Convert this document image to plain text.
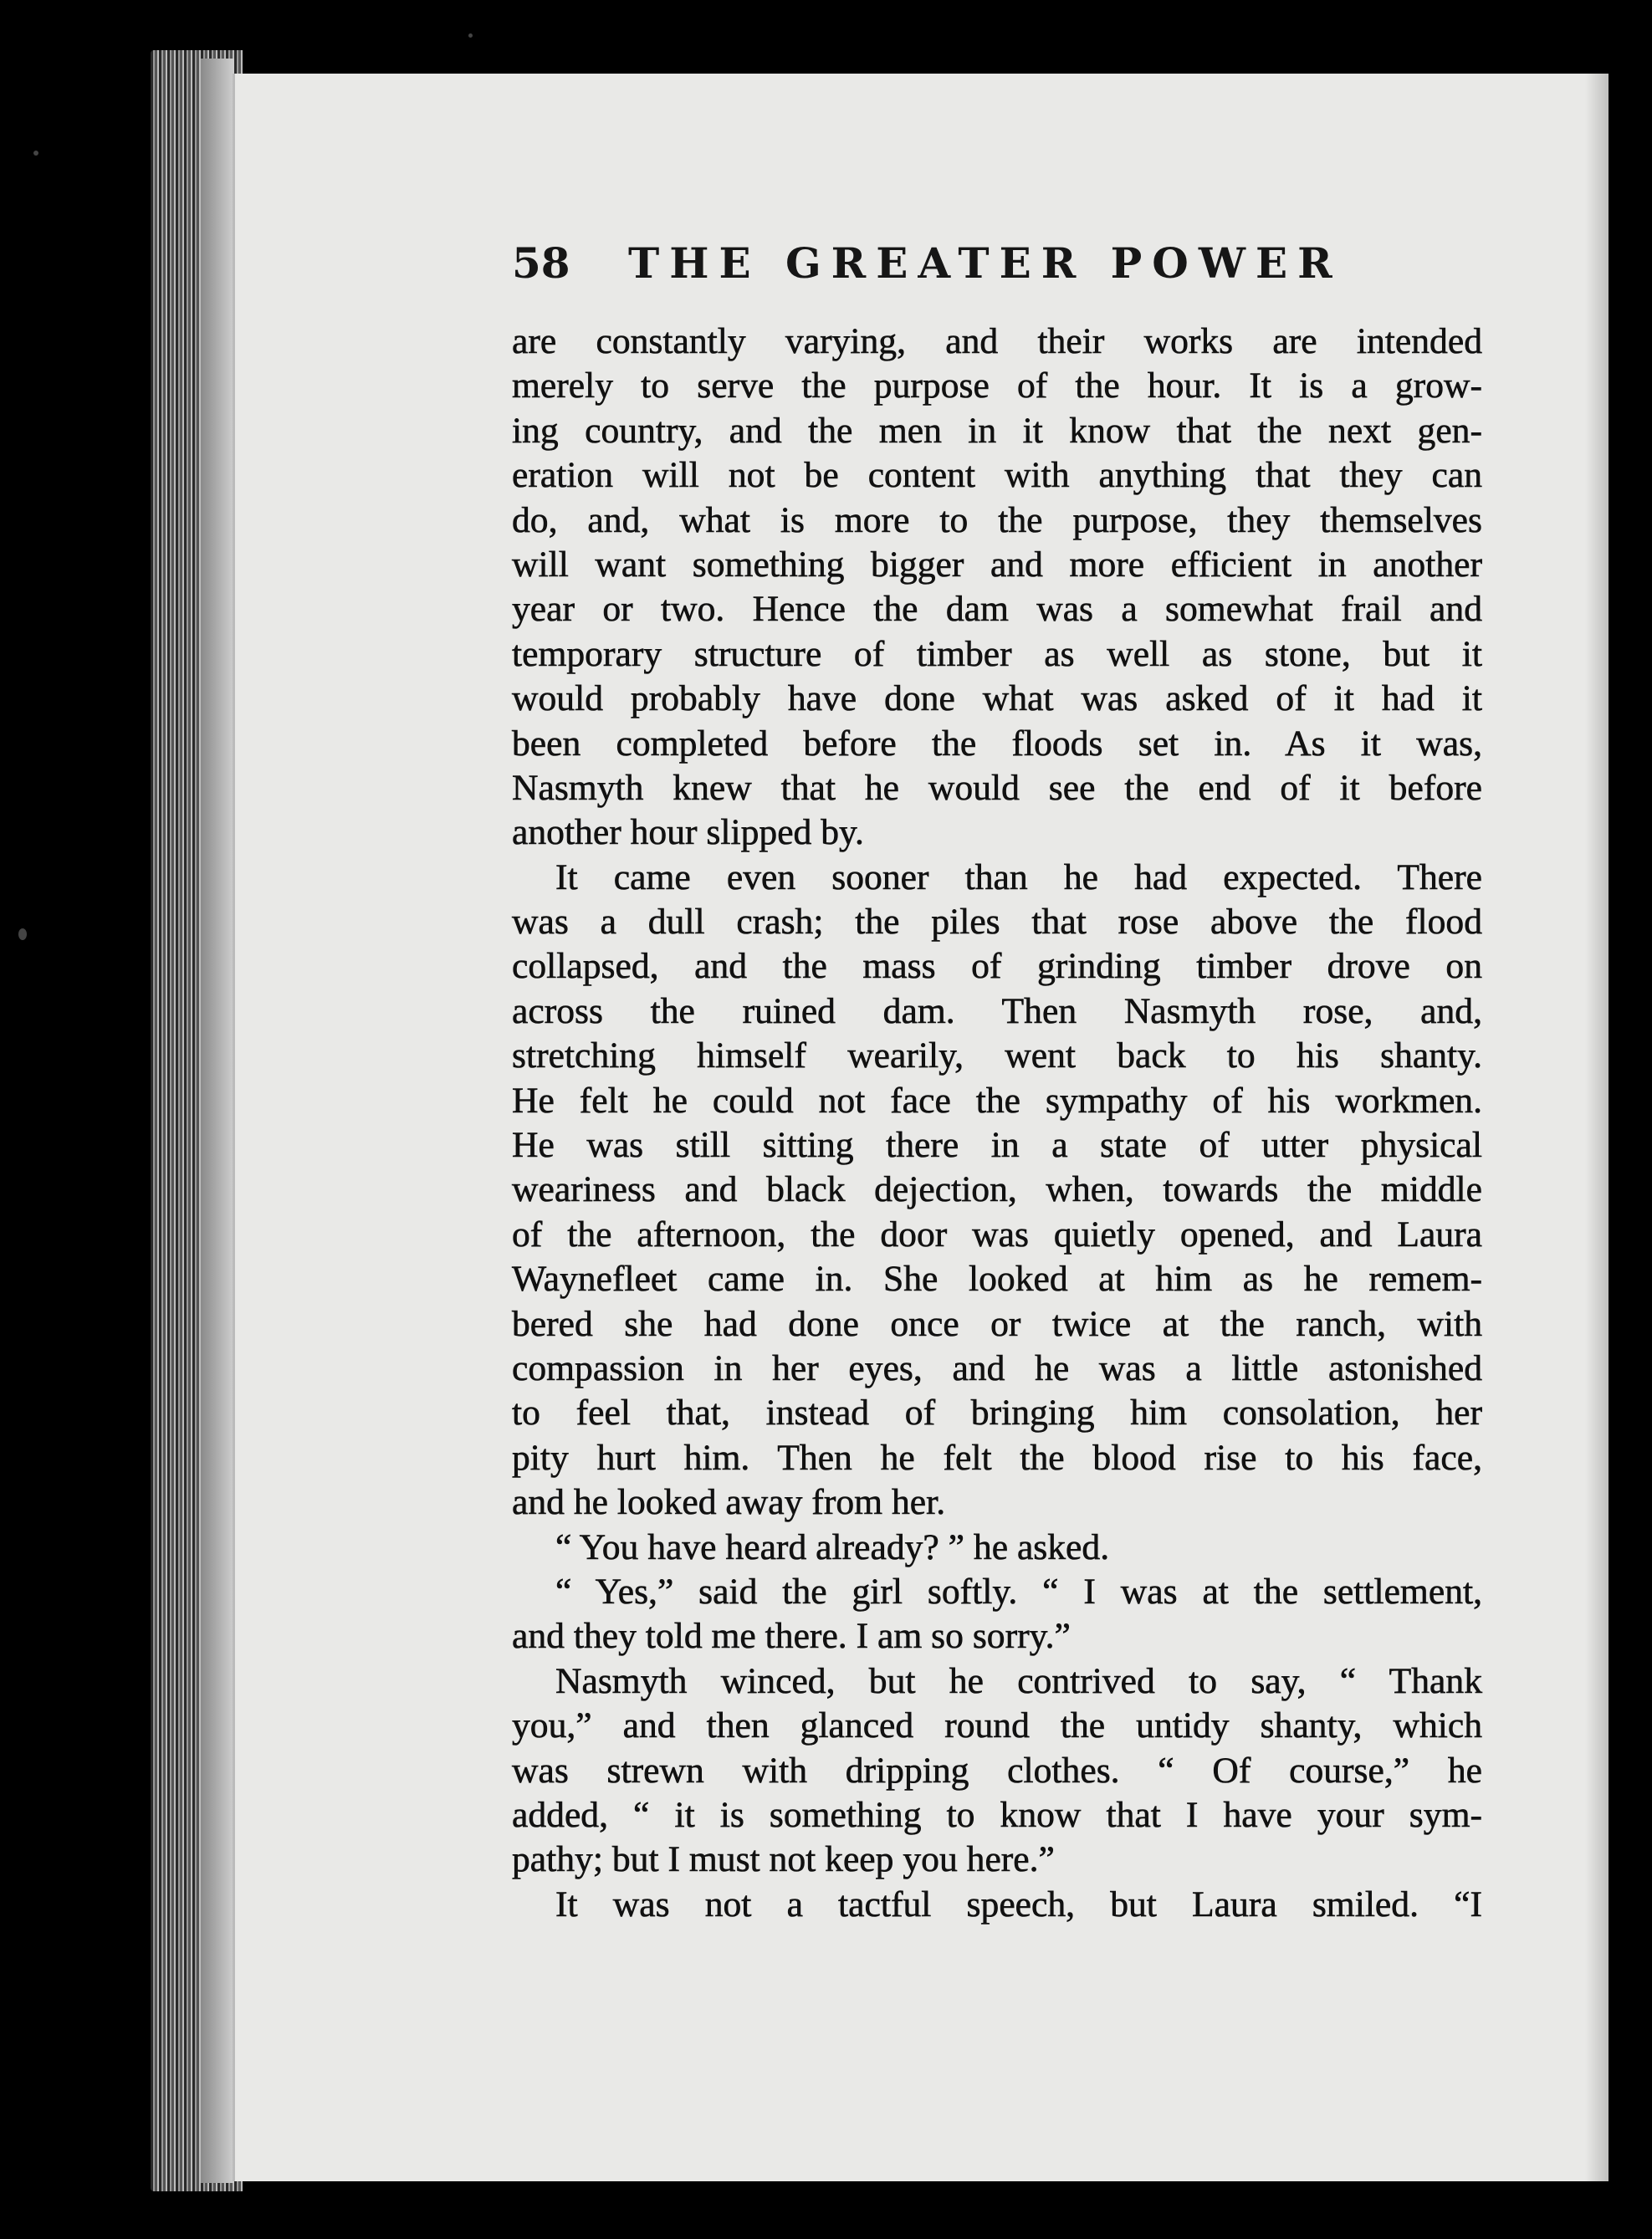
58 THE GREATER POWER
are constantly varying, and their works are intended
merely to serve the purpose of the hour. It is a grow-
ing country, and the men in it know that the next gen-
eration will not be content with anything that they can
do, and, what is more to the purpose, they themselves
will want something bigger and more efficient in another
year or two. Hence the dam was a somewhat frail and
temporary structure of timber as well as stone, but it
would probably have done what was asked of it had it
been completed before the floods set in. As it was,
Nasmyth knew that he would see the end of it before
another hour slipped by.
It came even sooner than he had expected. There
was a dull crash; the piles that rose above the flood
collapsed, and the mass of grinding timber drove on
across the ruined dam. Then Nasmyth rose, and,
stretching himself wearily, went back to his shanty.
He felt he could not face the sympathy of his workmen.
He was still sitting there in a state of utter physical
weariness and black dejection, when, towards the middle
of the afternoon, the door was quietly opened, and Laura
Waynefleet came in. She looked at him as he remem-
bered she had done once or twice at the ranch, with
compassion in her eyes, and he was a little astonished
to feel that, instead of bringing him consolation, her
pity hurt him. Then he felt the blood rise to his face,
and he looked away from her.
“ You have heard already? ” he asked.
“ Yes,” said the girl softly. “ I was at the settlement,
and they told me there. I am so sorry.”
Nasmyth winced, but he contrived to say, “ Thank
you,” and then glanced round the untidy shanty, which
was strewn with dripping clothes. “ Of course,” he
added, “ it is something to know that I have your sym-
pathy; but I must not keep you here.”
It was not a tactful speech, but Laura smiled. “I
